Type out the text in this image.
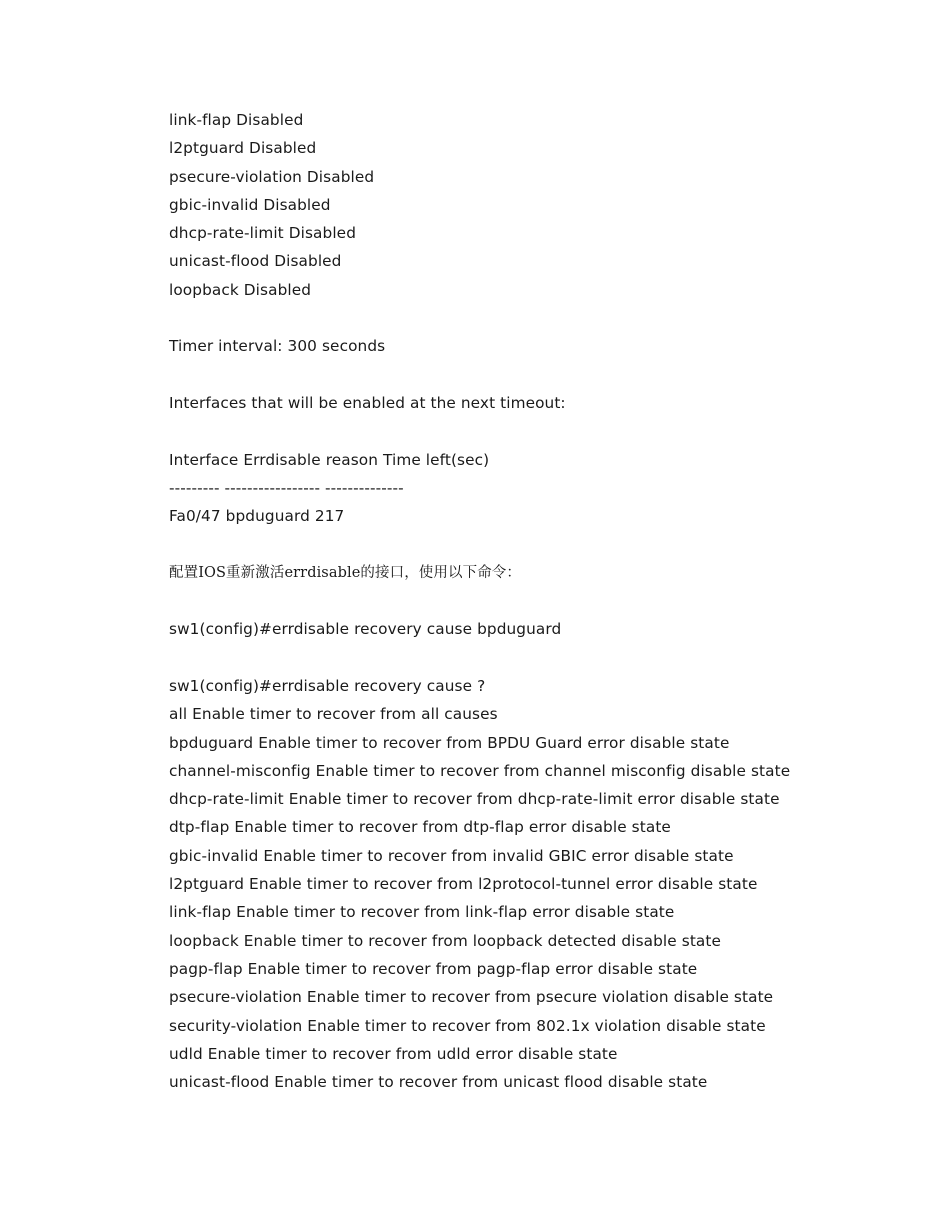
link-flap Disabled
l2ptguard Disabled
psecure-violation Disabled
gbic-invalid Disabled
dhcp-rate-limit Disabled
unicast-flood Disabled
loopback Disabled
Timer interval: 300 seconds
Interfaces that will be enabled at the next timeout:
Interface Errdisable reason Time left(sec)
--------- ----------------- --------------
Fa0/47 bpduguard 217
配置IOS重新激活errdisable的接口，使用以下命令：
sw1(config)#errdisable recovery cause bpduguard
sw1(config)#errdisable recovery cause ?
all Enable timer to recover from all causes
bpduguard Enable timer to recover from BPDU Guard error disable state
channel-misconfig Enable timer to recover from channel misconfig disable state
dhcp-rate-limit Enable timer to recover from dhcp-rate-limit error disable state
dtp-flap Enable timer to recover from dtp-flap error disable state
gbic-invalid Enable timer to recover from invalid GBIC error disable state
l2ptguard Enable timer to recover from l2protocol-tunnel error disable state
link-flap Enable timer to recover from link-flap error disable state
loopback Enable timer to recover from loopback detected disable state
pagp-flap Enable timer to recover from pagp-flap error disable state
psecure-violation Enable timer to recover from psecure violation disable state
security-violation Enable timer to recover from 802.1x violation disable state
udld Enable timer to recover from udld error disable state
unicast-flood Enable timer to recover from unicast flood disable state
